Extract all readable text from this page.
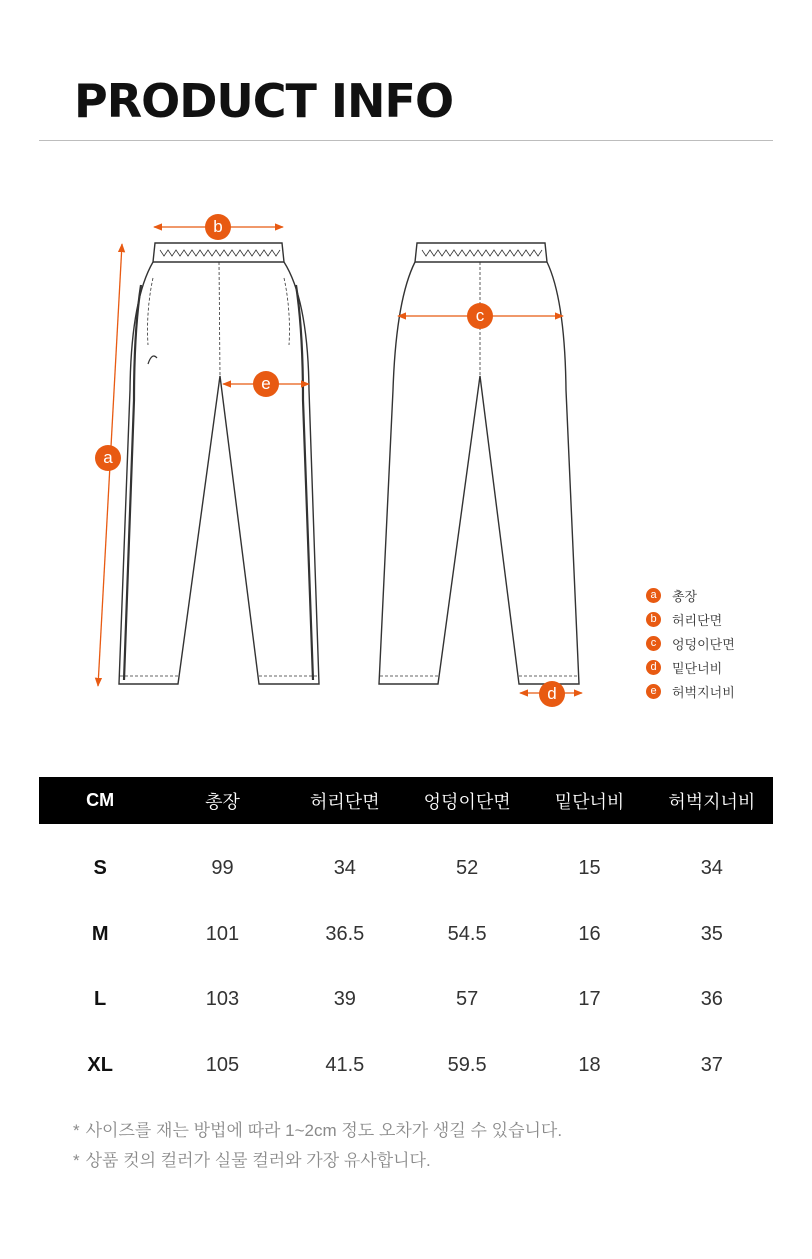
PRODUCT INFO
a
b
c
d
e
a	총장
b	허리단면
c	엉덩이단면
d	밑단너비
e	허벅지너비
CM	총장	허리단면	엉덩이단면	밑단너비	허벅지너비
S	99	34	52	15	34
M	101	36.5	54.5	16	35
L	103	39	57	17	36
XL	105	41.5	59.5	18	37
* 사이즈를 재는 방법에 따라 1~2cm 정도 오차가 생길 수 있습니다.
* 상품 컷의 컬러가 실물 컬러와 가장 유사합니다.
